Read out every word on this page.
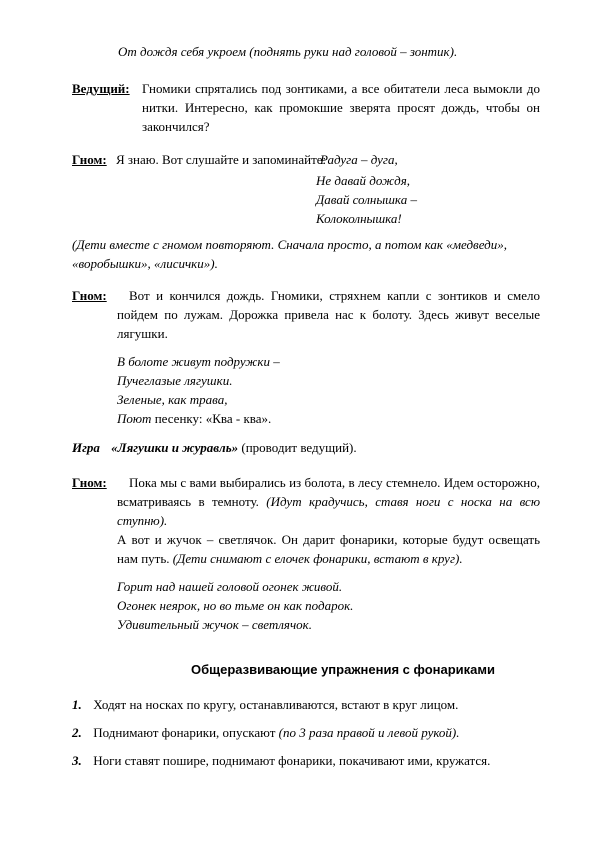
От дождя себя укроем (поднять руки над головой – зонтик).

Ведущий: Гномики спрятались под зонтиками, а все обитатели леса вымокли до нитки. Интересно, как промокшие зверята просят дождь, чтобы он закончился?

Гном: Я знаю. Вот слушайте и запоминайте:

Радуга – дуга,

Не давай дождя,

Давай солнышка –

Колоколнышка!

(Дети вместе с гномом повторяют. Сначала просто, а потом как «медведи», «воробышки», «лисички»).

Гном:	Вот и кончился дождь. Гномики, стряхнем капли с зонтиков и смело пойдем по лужам. Дорожка привела нас к болоту. Здесь живут веселые лягушки.

В болоте живут подружки –

Пучеглазые лягушки.

Зеленые, как трава,

Поют песенку: «Ква - ква».

Игра «Лягушки и журавль» (проводит ведущий).

Гном:	Пока мы с вами выбирались из болота, в лесу стемнело. Идем осторожно, всматриваясь в темноту. (Идут крадучись, ставя ноги с носка на всю ступню).

А вот и жучок – светлячок. Он дарит фонарики, которые будут освещать нам путь. (Дети снимают с елочек фонарики, встают в круг).

Горит над нашей головой огонек живой.

Огонек неярок, но во тьме он как подарок.

Удивительный жучок – светлячок.

Общеразвивающие упражнения с фонариками

1. Ходят на носках по кругу, останавливаются, встают в круг лицом.

2. Поднимают фонарики, опускают (по 3 раза правой и левой рукой).

3. Ноги ставят пошире, поднимают фонарики, покачивают ими, кружатся.
